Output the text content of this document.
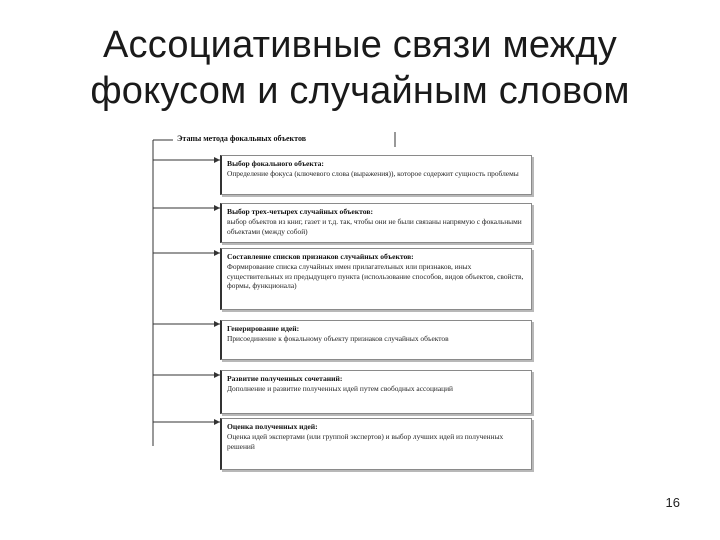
Ассоциативные связи между
фокусом и случайным словом
Этапы метода фокальных объектов
Выбор фокального объекта:
Определение фокуса (ключевого слова (выражения)), которое содержит сущность проблемы
Выбор трех-четырех случайных объектов:
выбор объектов из книг, газет и т.д. так, чтобы они не были связаны напрямую с фокальными объектами (между собой)
Составление списков признаков случайных объектов:
Формирование списка случайных имен прилагательных или признаков, иных существительных из предыдущего пункта (использование способов, видов объектов, свойств, формы, функционала)
Генерирование идей:
Присоединение к фокальному объекту признаков случайных объектов
Развитие полученных сочетаний:
Дополнение и развитие полученных идей путем свободных ассоциаций
Оценка полученных идей:
Оценка идей экспертами (или группой экспертов) и выбор лучших идей из полученных решений
16
